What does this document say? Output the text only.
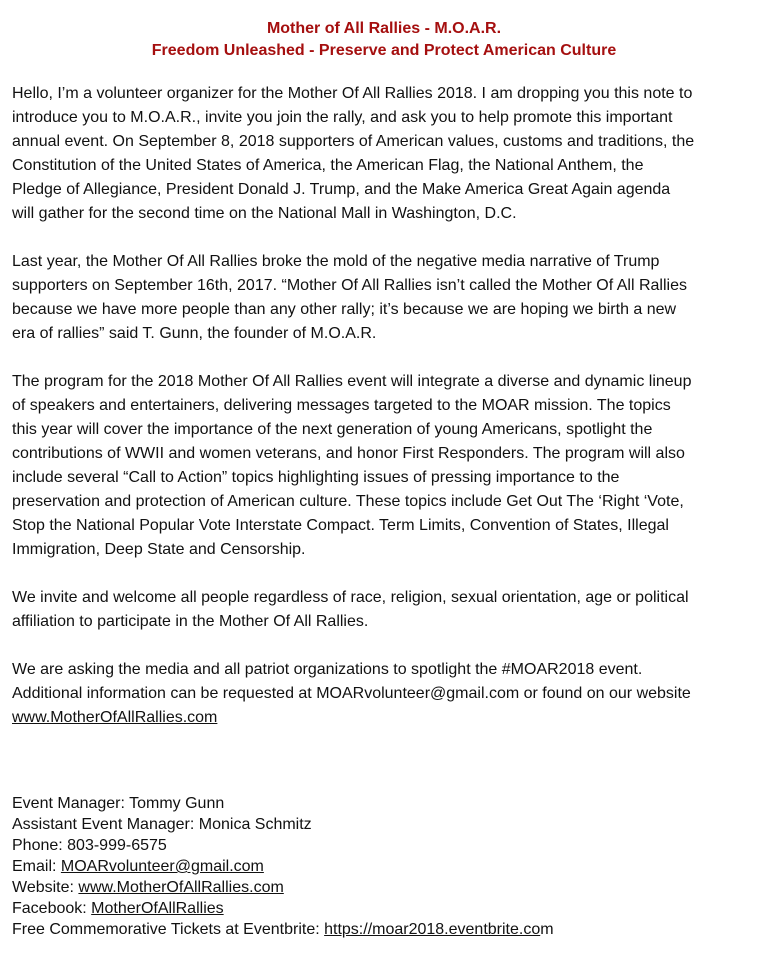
Mother of All Rallies - M.O.A.R.
Freedom Unleashed - Preserve and Protect American Culture

Hello, I’m a volunteer organizer for the Mother Of All Rallies 2018. I am dropping you this note to
introduce you to M.O.A.R., invite you join the rally, and ask you to help promote this important
annual event. On September 8, 2018 supporters of American values, customs and traditions, the
Constitution of the United States of America, the American Flag, the National Anthem, the
Pledge of Allegiance, President Donald J. Trump, and the Make America Great Again agenda
will gather for the second time on the National Mall in Washington, D.C.

Last year, the Mother Of All Rallies broke the mold of the negative media narrative of Trump
supporters on September 16th, 2017. “Mother Of All Rallies isn’t called the Mother Of All Rallies
because we have more people than any other rally; it’s because we are hoping we birth a new
era of rallies” said T. Gunn, the founder of M.O.A.R.

The program for the 2018 Mother Of All Rallies event will integrate a diverse and dynamic lineup
of speakers and entertainers, delivering messages targeted to the MOAR mission. The topics
this year will cover the importance of the next generation of young Americans, spotlight the
contributions of WWII and women veterans, and honor First Responders. The program will also
include several “Call to Action” topics highlighting issues of pressing importance to the
preservation and protection of American culture. These topics include Get Out The ‘Right ‘Vote,
Stop the National Popular Vote Interstate Compact. Term Limits, Convention of States, Illegal
Immigration, Deep State and Censorship.

We invite and welcome all people regardless of race, religion, sexual orientation, age or political
affiliation to participate in the Mother Of All Rallies.

We are asking the media and all patriot organizations to spotlight the #MOAR2018 event.
Additional information can be requested at MOARvolunteer@gmail.com or found on our website
www.MotherOfAllRallies.com

Event Manager: Tommy Gunn
Assistant Event Manager: Monica Schmitz
Phone: 803-999-6575
Email: MOARvolunteer@gmail.com
Website: www.MotherOfAllRallies.com
Facebook: MotherOfAllRallies
Free Commemorative Tickets at Eventbrite: https://moar2018.eventbrite.com
